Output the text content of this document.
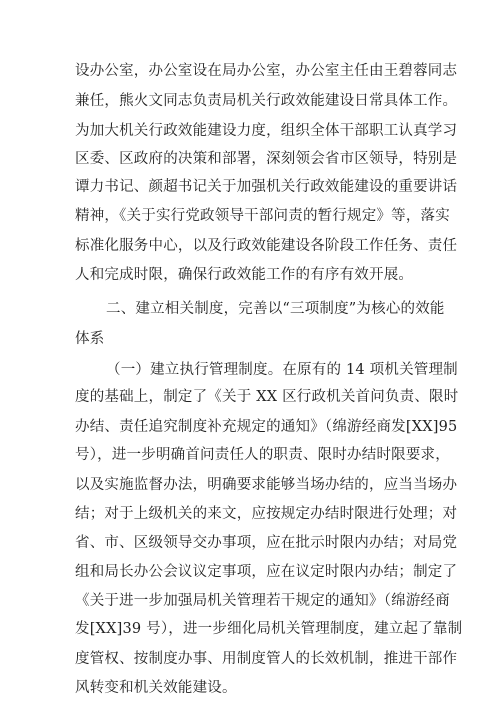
设办公室，办公室设在局办公室，办公室主任由王碧蓉同志
兼任，熊火文同志负责局机关行政效能建设日常具体工作。
为加大机关行政效能建设力度，组织全体干部职工认真学习
区委、区政府的决策和部署，深刻领会省市区领导，特别是
谭力书记、颜超书记关于加强机关行政效能建设的重要讲话
精神，《关于实行党政领导干部问责的暂行规定》等，落实
标准化服务中心，以及行政效能建设各阶段工作任务、责任
人和完成时限，确保行政效能工作的有序有效开展。
二、建立相关制度，完善以“三项制度”为核心的效能
体系
（一）建立执行管理制度。在原有的 14 项机关管理制
度的基础上，制定了《关于 XX 区行政机关首问负责、限时
办结、责任追究制度补充规定的通知》（绵游经商发[XX]95
号），进一步明确首问责任人的职责、限时办结时限要求，
以及实施监督办法，明确要求能够当场办结的，应当当场办
结；对于上级机关的来文，应按规定办结时限进行处理；对
省、市、区级领导交办事项，应在批示时限内办结；对局党
组和局长办公会议议定事项，应在议定时限内办结；制定了
《关于进一步加强局机关管理若干规定的通知》（绵游经商
发[XX]39 号），进一步细化局机关管理制度，建立起了靠制
度管权、按制度办事、用制度管人的长效机制，推进干部作
风转变和机关效能建设。
